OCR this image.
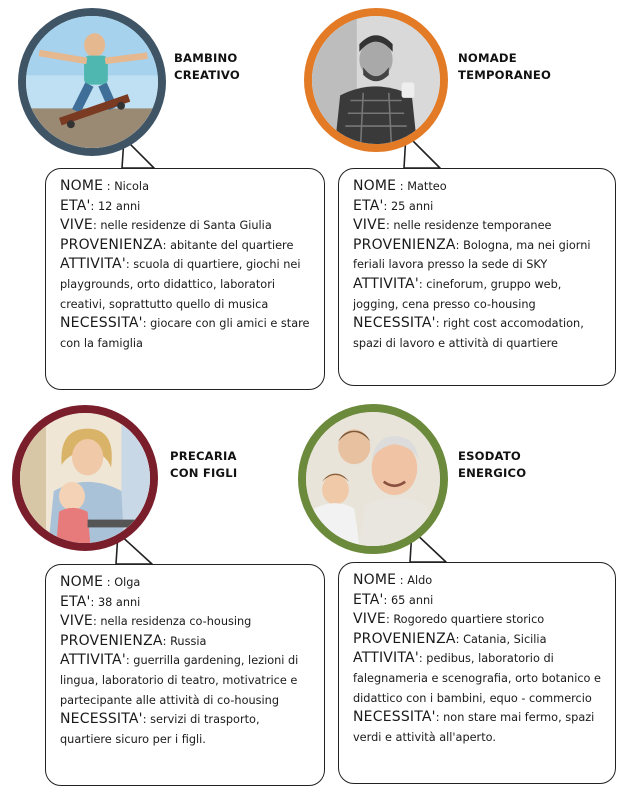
NOME : Nicola
ETA': 12 anni
VIVE: nelle residenze di Santa Giulia
PROVENIENZA: abitante del quartiere
ATTIVITA': scuola di quartiere, giochi nei playgrounds, orto didattico, laboratori creativi, soprattutto quello di musica
NECESSITA': giocare con gli amici e stare con la famiglia
BAMBINO
CREATIVO
NOME : Matteo
ETA': 25 anni
VIVE: nelle residenze temporanee
PROVENIENZA: Bologna, ma nei giorni feriali lavora presso la sede di SKY
ATTIVITA': cineforum, gruppo web, jogging, cena presso co-housing
NECESSITA': right cost accomodation, spazi di lavoro e attività di quartiere
NOMADE
TEMPORANEO
NOME : Olga
ETA': 38 anni
VIVE: nella residenza co-housing
PROVENIENZA: Russia
ATTIVITA': guerrilla gardening, lezioni di lingua, laboratorio di teatro, motivatrice e partecipante alle attività di co-housing
NECESSITA': servizi di trasporto, quartiere sicuro per i figli.
PRECARIA
CON FIGLI
NOME : Aldo
ETA': 65 anni
VIVE: Rogoredo quartiere storico
PROVENIENZA: Catania, Sicilia
ATTIVITA': pedibus, laboratorio di falegnameria e scenografia, orto botanico e didattico con i bambini, equo - commercio
NECESSITA': non stare mai fermo, spazi verdi e attività all'aperto.
ESODATO
ENERGICO
